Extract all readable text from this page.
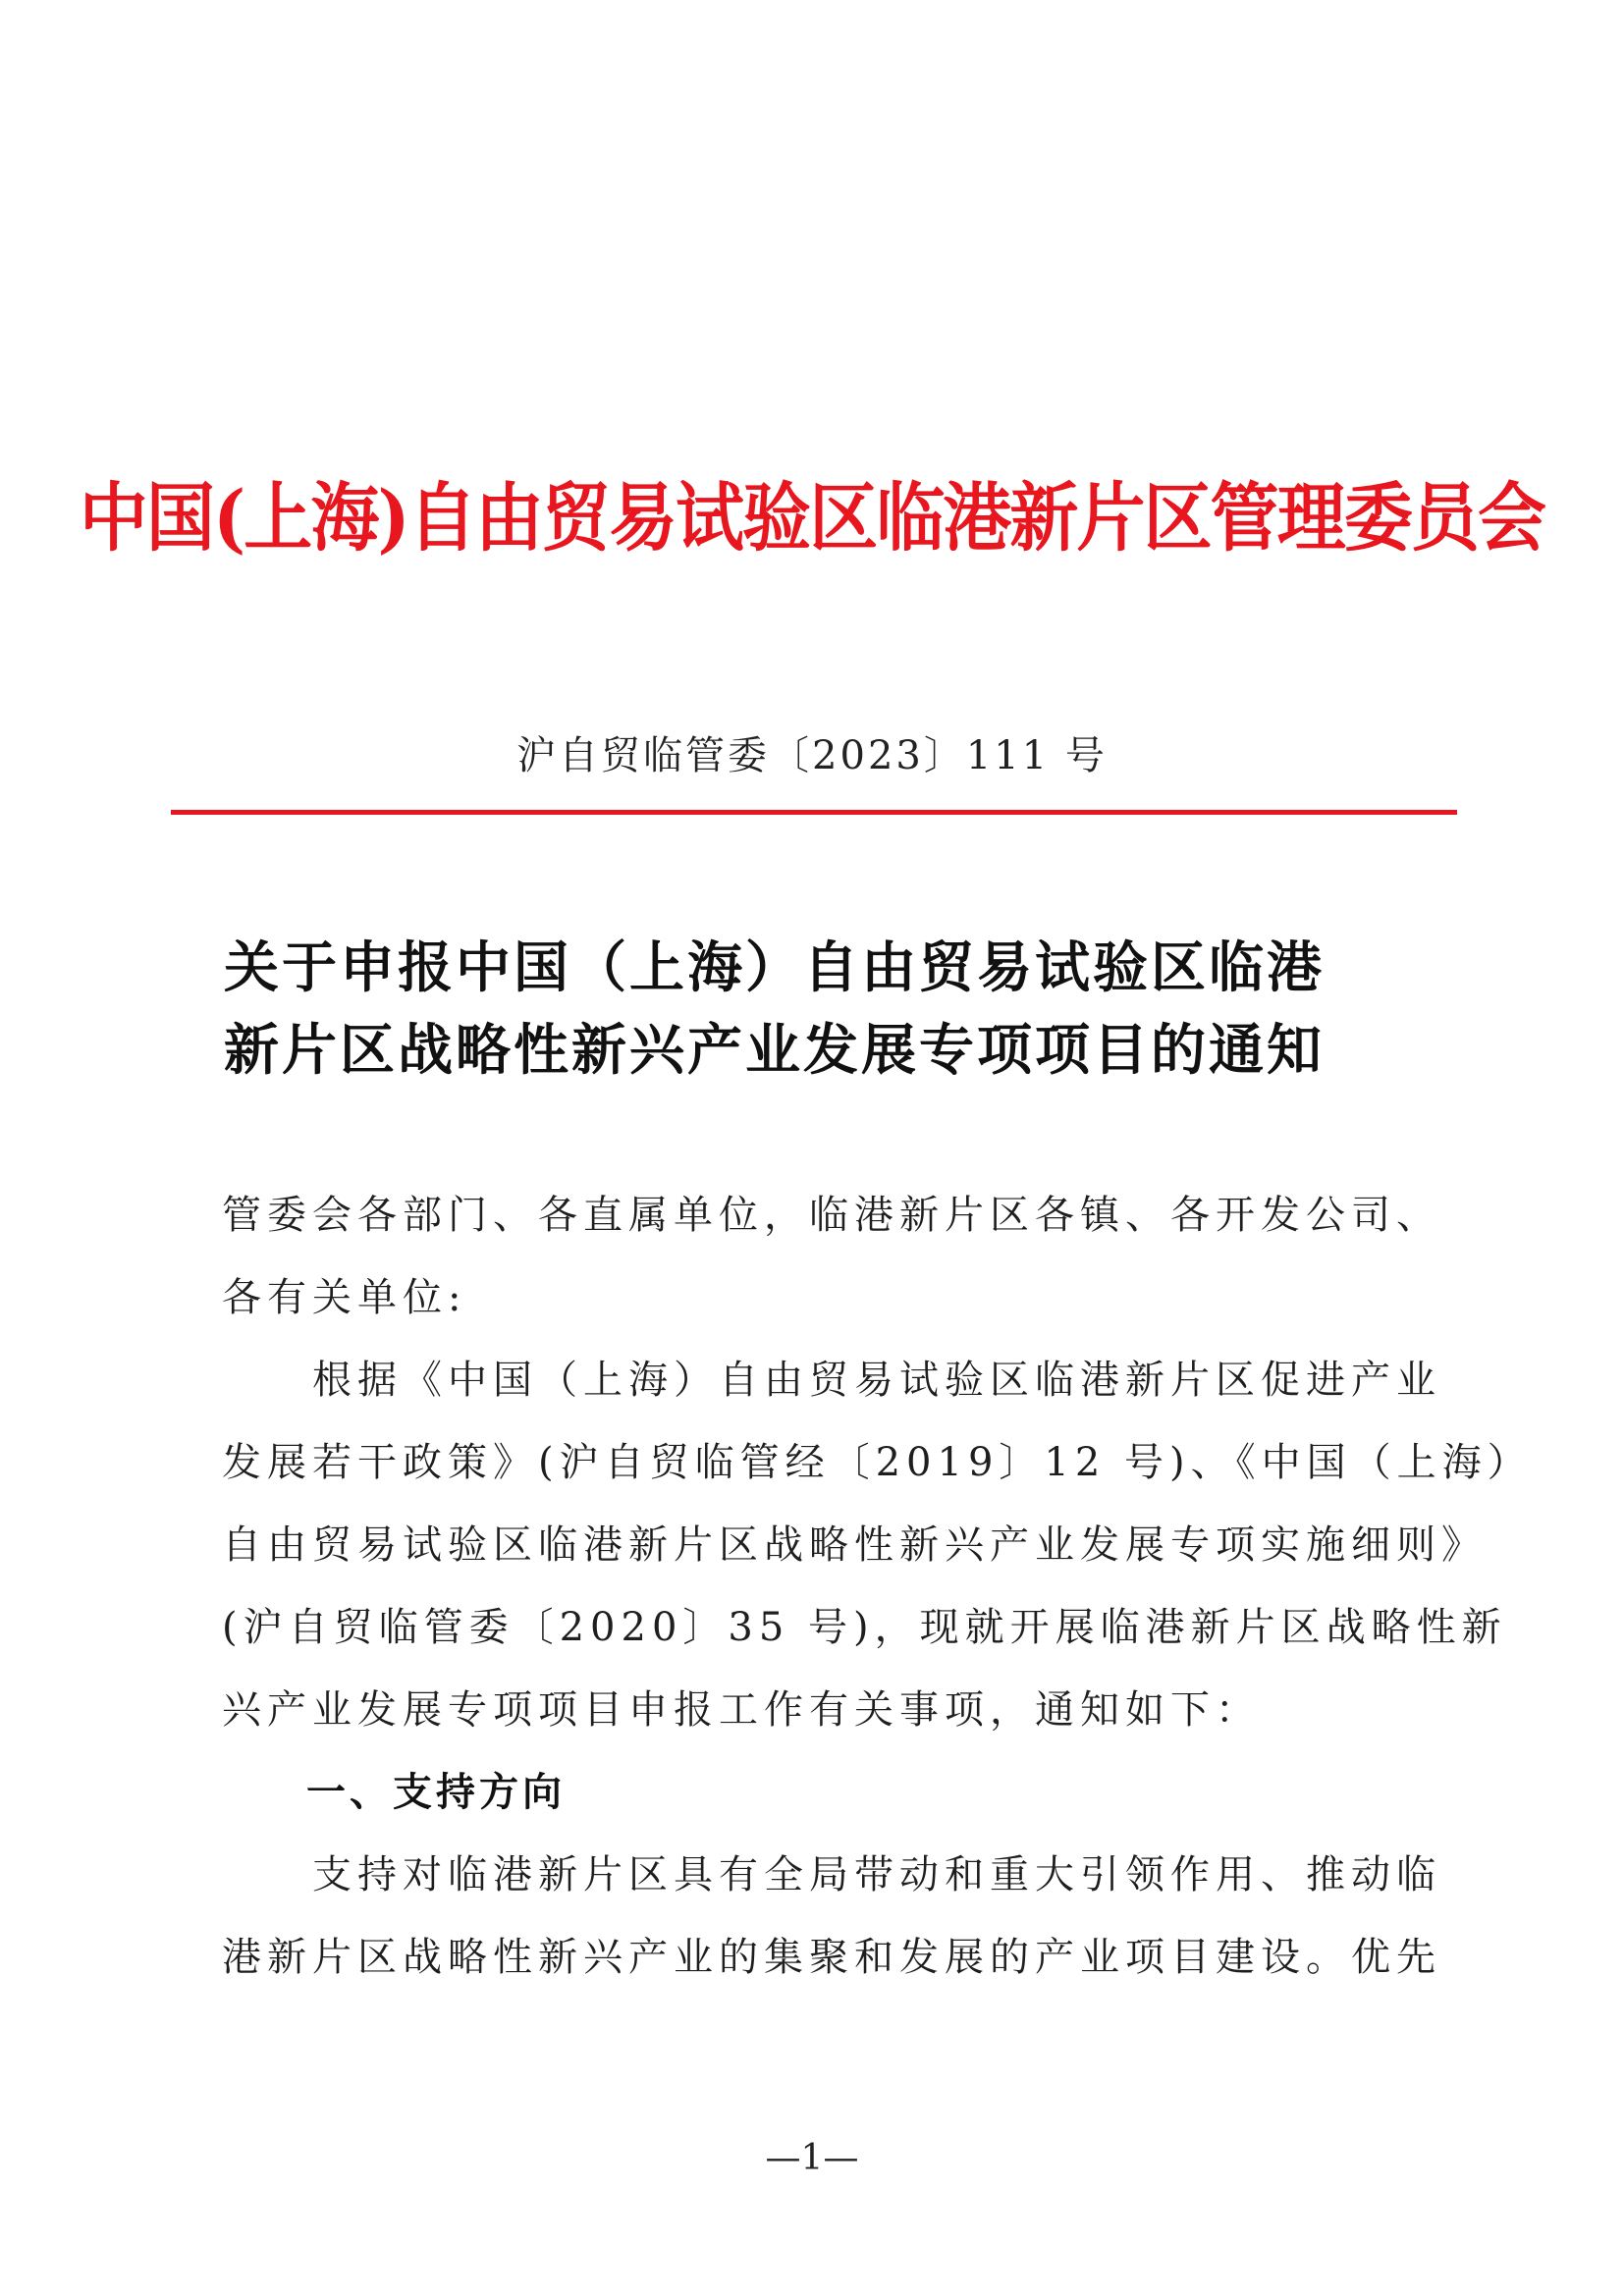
中国(上海)自由贸易试验区临港新片区管理委员会
沪自贸临管委〔2023〕111 号
关于申报中国（上海）自由贸易试验区临港
新片区战略性新兴产业发展专项项目的通知
管委会各部门、各直属单位，临港新片区各镇、各开发公司、
各有关单位:
　　根据《中国（上海）自由贸易试验区临港新片区促进产业
发展若干政策》(沪自贸临管经〔2019〕12 号)、《中国（上海）
自由贸易试验区临港新片区战略性新兴产业发展专项实施细则》
(沪自贸临管委〔2020〕35 号)，现就开展临港新片区战略性新
兴产业发展专项项目申报工作有关事项，通知如下：
一、支持方向
　　支持对临港新片区具有全局带动和重大引领作用、推动临
港新片区战略性新兴产业的集聚和发展的产业项目建设。优先
—1—
